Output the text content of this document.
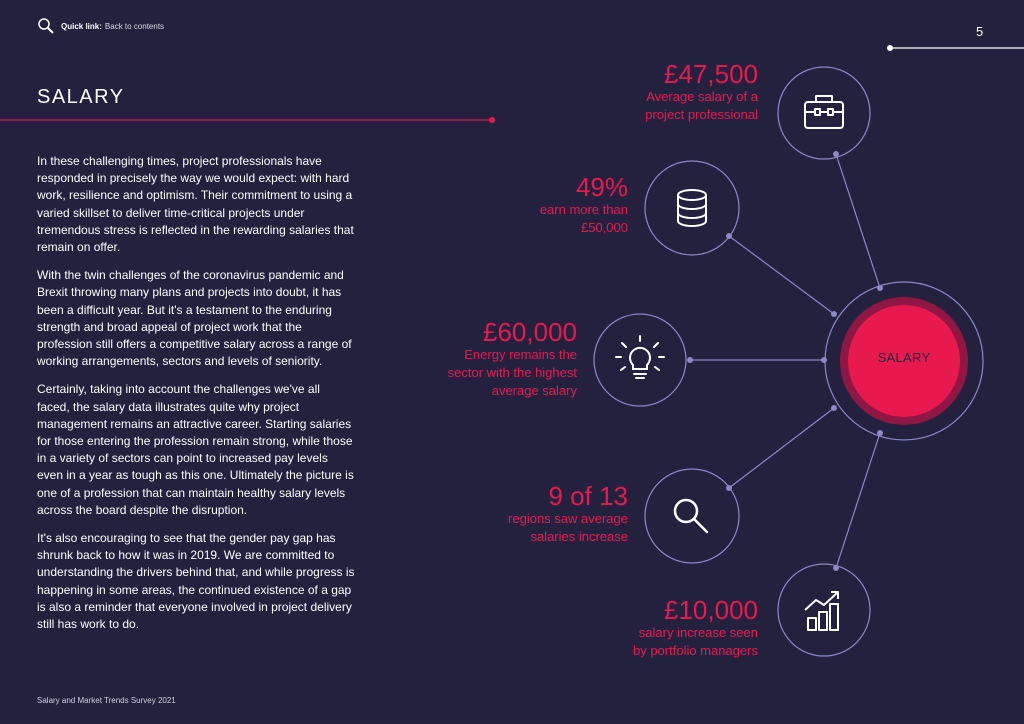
Quick link: Back to contents	5
SALARY

In these challenging times, project professionals have responded in precisely the way we would expect: with hard work, resilience and optimism. Their commitment to using a varied skillset to deliver time-critical projects under tremendous stress is reflected in the rewarding salaries that remain on offer.

With the twin challenges of the coronavirus pandemic and Brexit throwing many plans and projects into doubt, it has been a difficult year. But it's a testament to the enduring strength and broad appeal of project work that the profession still offers a competitive salary across a range of working arrangements, sectors and levels of seniority.

Certainly, taking into account the challenges we've all faced, the salary data illustrates quite why project management remains an attractive career. Starting salaries for those entering the profession remain strong, while those in a variety of sectors can point to increased pay levels even in a year as tough as this one. Ultimately the picture is one of a profession that can maintain healthy salary levels across the board despite the disruption.

It's also encouraging to see that the gender pay gap has shrunk back to how it was in 2019. We are committed to understanding the drivers behind that, and while progress is happening in some areas, the continued existence of a gap is also a reminder that everyone involved in project delivery still has work to do.

£47,500
Average salary of a
project professional
49%
earn more than
£50,000
£60,000
Energy remains the
sector with the highest
average salary
9 of 13
regions saw average
salaries increase
£10,000
salary increase seen
by portfolio managers
SALARY
Salary and Market Trends Survey 2021
